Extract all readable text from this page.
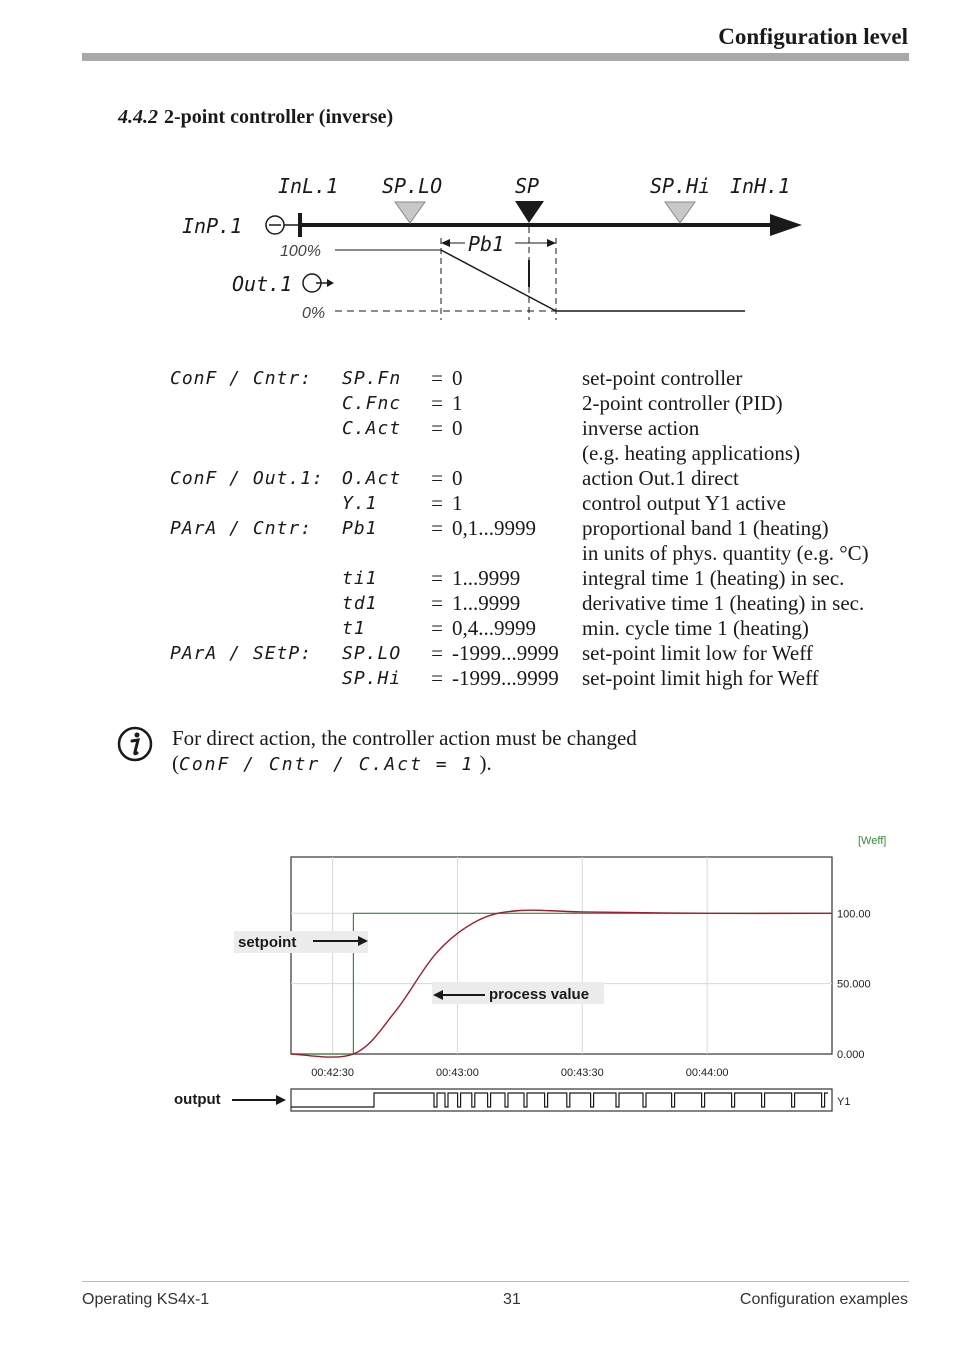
Configuration level
4.4.2 2-point controller (inverse)
InL.1 SP.LO	SP	SP.Hi InH.1
InP.1
Out.1
Pb1
100%
0%
ConF / Cntr:	SP.Fn	=	0	set-point controller
	C.Fnc	=	1	2-point controller (PID)
	C.Act	=	0	inverse action
				(e.g. heating applications)
ConF / Out.1:	O.Act	=	0	action Out.1 direct
	Y.1	=	1	control output Y1 active
PArA / Cntr:	Pb1	=	0,1...9999	proportional band 1 (heating)
				in units of phys. quantity (e.g. °C)
	ti1	=	1...9999	integral time 1 (heating) in sec.
	td1	=	1...9999	derivative time 1 (heating) in sec.
	t1	=	0,4...9999	min. cycle time 1 (heating)
PArA / SEtP:	SP.LO	=	-1999...9999	set-point limit low for Weff
	SP.Hi	=	-1999...9999	set-point limit high for Weff
For direct action, the controller action must be changed
(ConF / Cntr / C.Act = 1 ).
[Weff]
100.00
50.000
0.000
00:42:30	00:43:00	00:43:30	00:44:00
setpoint
process value
Y1
output
Operating KS4x-1	31	Configuration examples
